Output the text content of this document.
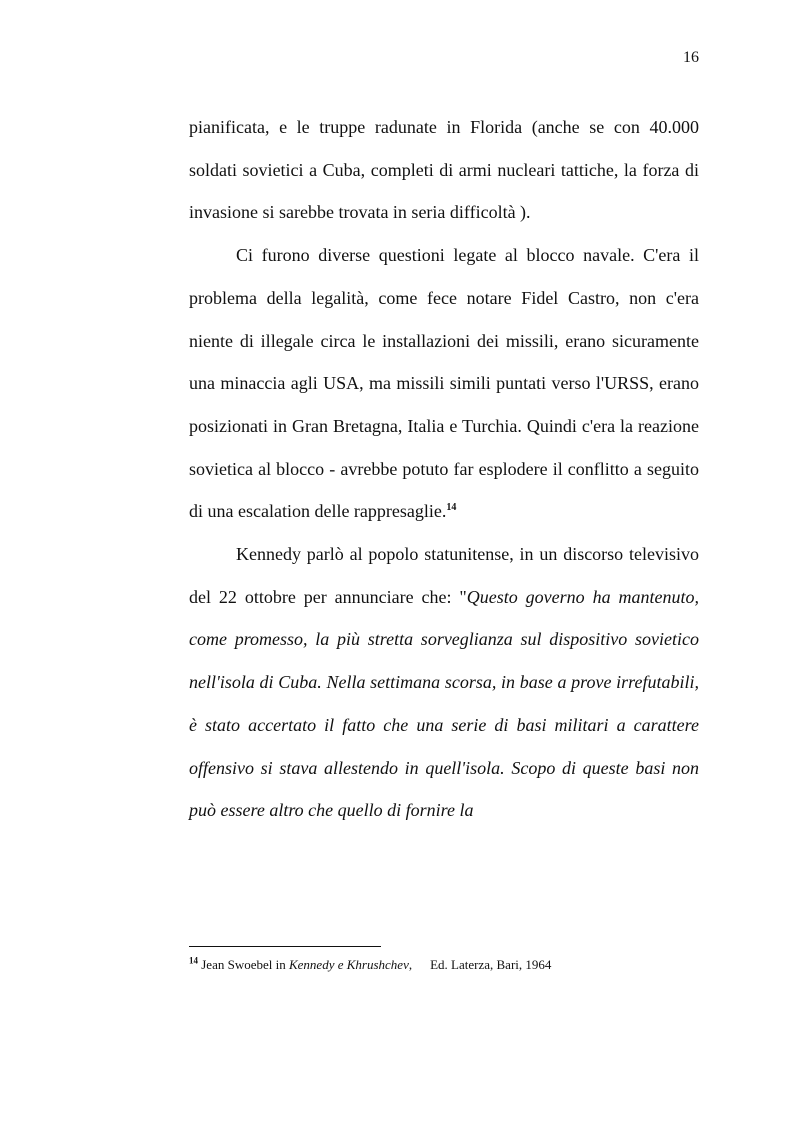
16

pianificata, e le truppe radunate in Florida (anche se con 40.000 soldati sovietici a Cuba, completi di armi nucleari tattiche, la forza di invasione si sarebbe trovata in seria difficoltà ).

Ci furono diverse questioni legate al blocco navale. C'era il problema della legalità, come fece notare Fidel Castro, non c'era niente di illegale circa le installazioni dei missili, erano sicuramente una minaccia agli USA, ma missili simili puntati verso l'URSS, erano posizionati in Gran Bretagna, Italia e Turchia. Quindi c'era la reazione sovietica al blocco - avrebbe potuto far esplodere il conflitto a seguito di una escalation delle rappresaglie.$^{14}$

Kennedy parlò al popolo statunitense, in un discorso televisivo del 22 ottobre per annunciare che: "Questo governo ha mantenuto, come promesso, la più stretta sorveglianza sul dispositivo sovietico nell'isola di Cuba. Nella settimana scorsa, in base a prove irrefutabili, è stato accertato il fatto che una serie di basi militari a carattere offensivo si stava allestendo in quell'isola. Scopo di queste basi non può essere altro che quello di fornire la

$^{14}$ Jean Swoebel in Kennedy e Khrushchev, Ed. Laterza, Bari, 1964
